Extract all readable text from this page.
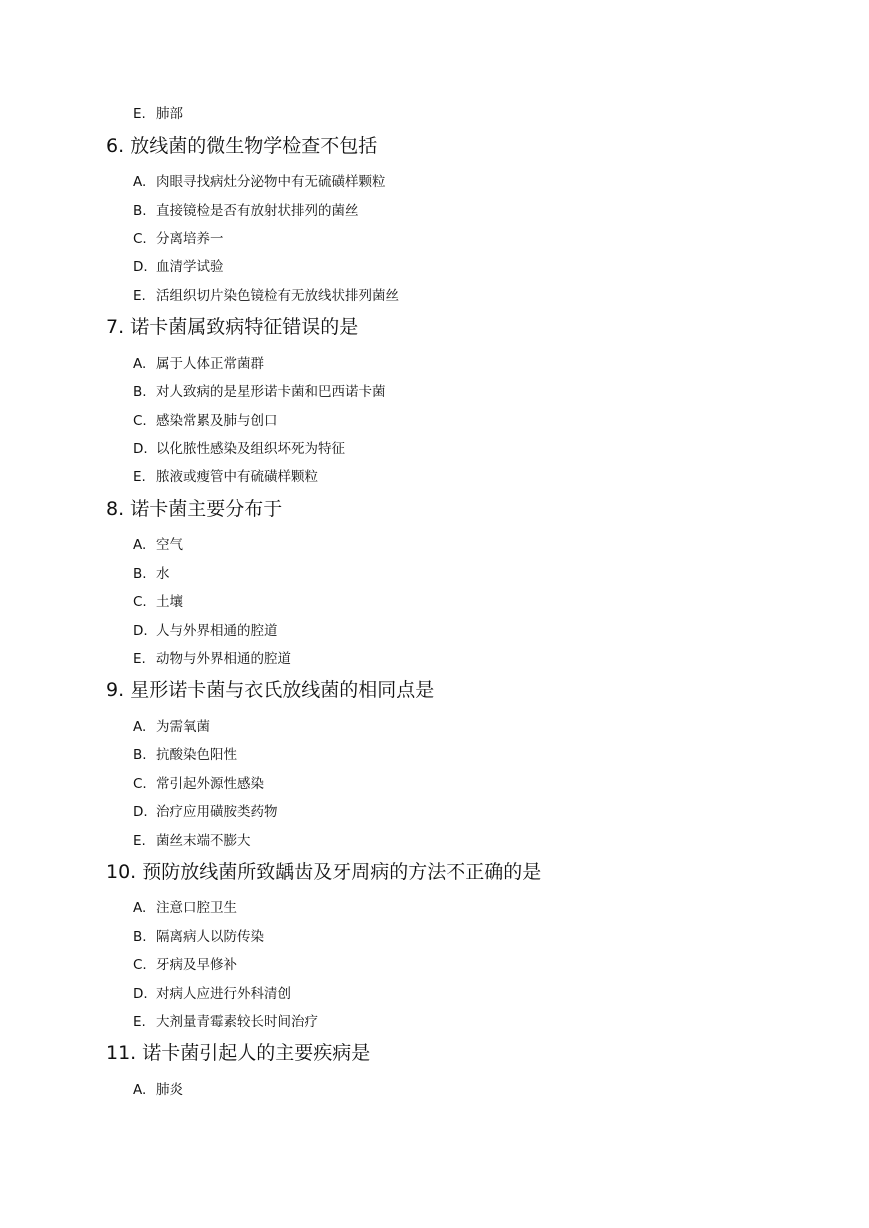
E. 肺部
6. 放线菌的微生物学检查不包括
A. 肉眼寻找病灶分泌物中有无硫磺样颗粒
B. 直接镜检是否有放射状排列的菌丝
C. 分离培养一
D. 血清学试验
E. 活组织切片染色镜检有无放线状排列菌丝
7. 诺卡菌属致病特征错误的是
A. 属于人体正常菌群
B. 对人致病的是星形诺卡菌和巴西诺卡菌
C. 感染常累及肺与创口
D. 以化脓性感染及组织坏死为特征
E. 脓液或瘦管中有硫磺样颗粒
8. 诺卡菌主要分布于
A. 空气
B. 水
C. 土壤
D. 人与外界相通的腔道
E. 动物与外界相通的腔道
9. 星形诺卡菌与衣氏放线菌的相同点是
A. 为需氧菌
B. 抗酸染色阳性
C. 常引起外源性感染
D. 治疗应用磺胺类药物
E. 菌丝末端不膨大
10. 预防放线菌所致龋齿及牙周病的方法不正确的是
A. 注意口腔卫生
B. 隔离病人以防传染
C. 牙病及早修补
D. 对病人应进行外科清创
E. 大剂量青霉素较长时间治疗
11. 诺卡菌引起人的主要疾病是
A. 肺炎
